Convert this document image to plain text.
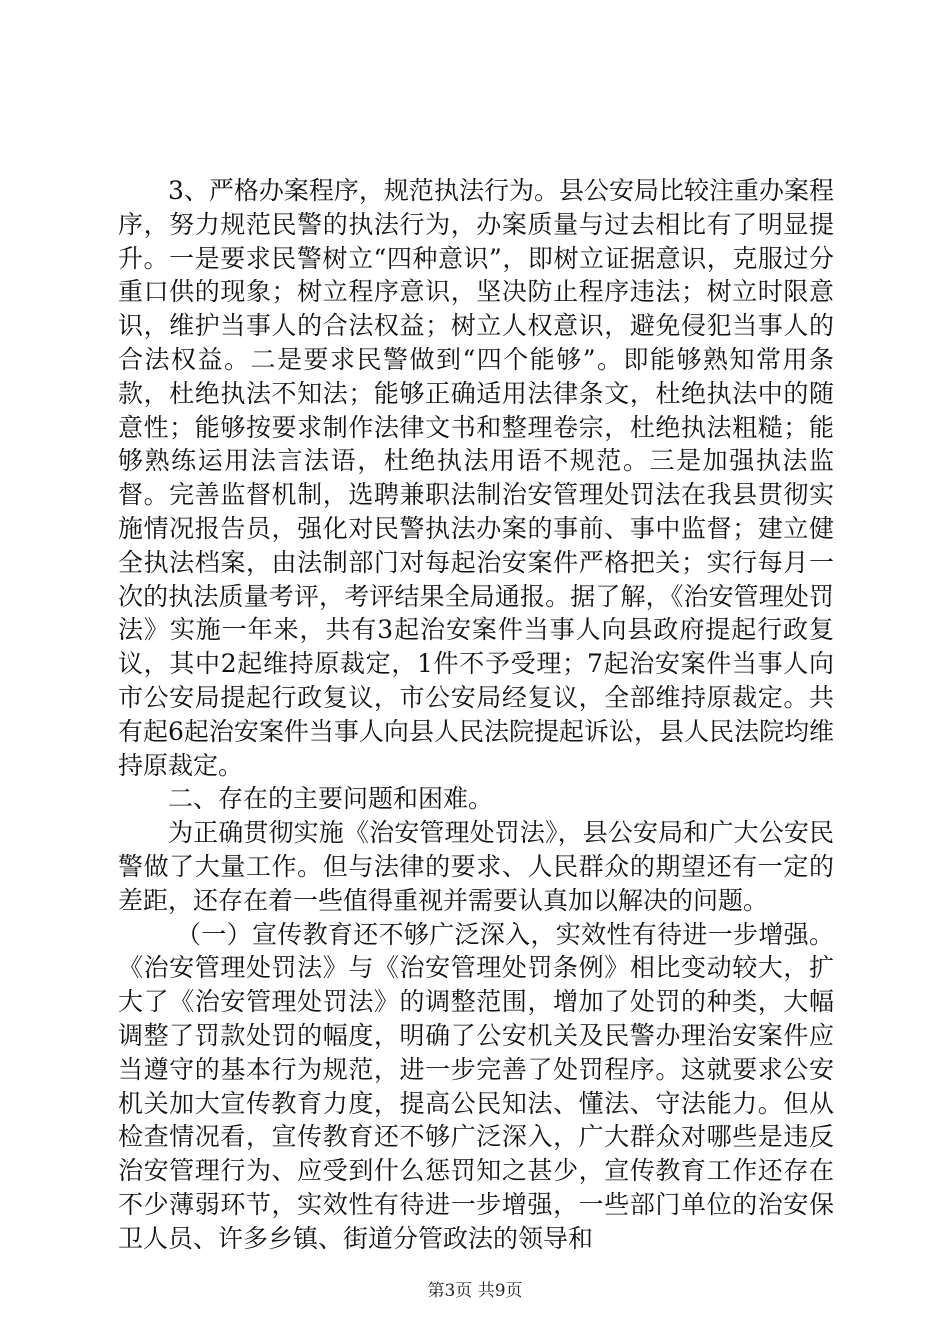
3、严格办案程序，规范执法行为。县公安局比较注重办案程序，努力规范民警的执法行为，办案质量与过去相比有了明显提升。一是要求民警树立“四种意识”，即树立证据意识，克服过分重口供的现象；树立程序意识，坚决防止程序违法；树立时限意识，维护当事人的合法权益；树立人权意识，避免侵犯当事人的合法权益。二是要求民警做到“四个能够”。即能够熟知常用条款，杜绝执法不知法；能够正确适用法律条文，杜绝执法中的随意性；能够按要求制作法律文书和整理卷宗，杜绝执法粗糙；能够熟练运用法言法语，杜绝执法用语不规范。三是加强执法监督。完善监督机制，选聘兼职法制治安管理处罚法在我县贯彻实施情况报告员，强化对民警执法办案的事前、事中监督；建立健全执法档案，由法制部门对每起治安案件严格把关；实行每月一次的执法质量考评，考评结果全局通报。据了解，《治安管理处罚法》实施一年来，共有3起治安案件当事人向县政府提起行政复议，其中2起维持原裁定，1件不予受理；7起治安案件当事人向市公安局提起行政复议，市公安局经复议，全部维持原裁定。共有起6起治安案件当事人向县人民法院提起诉讼，县人民法院均维持原裁定。

二、存在的主要问题和困难。

为正确贯彻实施《治安管理处罚法》，县公安局和广大公安民警做了大量工作。但与法律的要求、人民群众的期望还有一定的差距，还存在着一些值得重视并需要认真加以解决的问题。

（一）宣传教育还不够广泛深入，实效性有待进一步增强。《治安管理处罚法》与《治安管理处罚条例》相比变动较大，扩大了《治安管理处罚法》的调整范围，增加了处罚的种类，大幅调整了罚款处罚的幅度，明确了公安机关及民警办理治安案件应当遵守的基本行为规范，进一步完善了处罚程序。这就要求公安机关加大宣传教育力度，提高公民知法、懂法、守法能力。但从检查情况看，宣传教育还不够广泛深入，广大群众对哪些是违反治安管理行为、应受到什么惩罚知之甚少，宣传教育工作还存在不少薄弱环节，实效性有待进一步增强，一些部门单位的治安保卫人员、许多乡镇、街道分管政法的领导和

第3页 共9页
